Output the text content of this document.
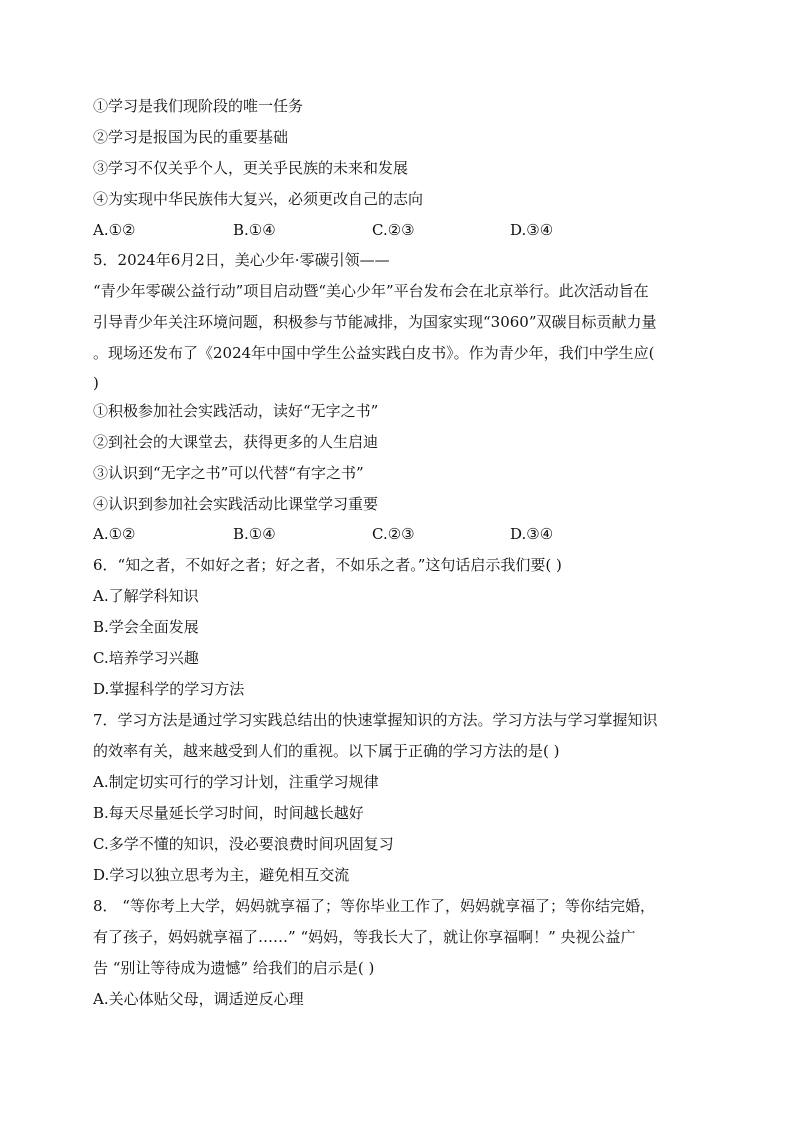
①学习是我们现阶段的唯一任务
②学习是报国为民的重要基础
③学习不仅关乎个人，更关乎民族的未来和发展
④为实现中华民族伟大复兴，必须更改自己的志向
A.①②	B.①④	C.②③	D.③④
5．2024年6月2日，美心少年·零碳引领——
“青少年零碳公益行动”项目启动暨“美心少年”平台发布会在北京举行。此次活动旨在
引导青少年关注环境问题，积极参与节能减排，为国家实现“3060”双碳目标贡献力量
。现场还发布了《2024年中国中学生公益实践白皮书》。作为青少年，我们中学生应(
)
①积极参加社会实践活动，读好“无字之书”
②到社会的大课堂去，获得更多的人生启迪
③认识到“无字之书”可以代替“有字之书”
④认识到参加社会实践活动比课堂学习重要
A.①②	B.①④	C.②③	D.③④
6．“知之者，不如好之者；好之者，不如乐之者。”这句话启示我们要( )
A.了解学科知识
B.学会全面发展
C.培养学习兴趣
D.掌握科学的学习方法
7．学习方法是通过学习实践总结出的快速掌握知识的方法。学习方法与学习掌握知识
的效率有关，越来越受到人们的重视。以下属于正确的学习方法的是( )
A.制定切实可行的学习计划，注重学习规律
B.每天尽量延长学习时间，时间越长越好
C.多学不懂的知识，没必要浪费时间巩固复习
D.学习以独立思考为主，避免相互交流
8． “等你考上大学，妈妈就享福了；等你毕业工作了，妈妈就享福了；等你结完婚，
有了孩子，妈妈就享福了……” “妈妈，等我长大了，就让你享福啊！” 央视公益广
告 “别让等待成为遗憾” 给我们的启示是( )
A.关心体贴父母，调适逆反心理
